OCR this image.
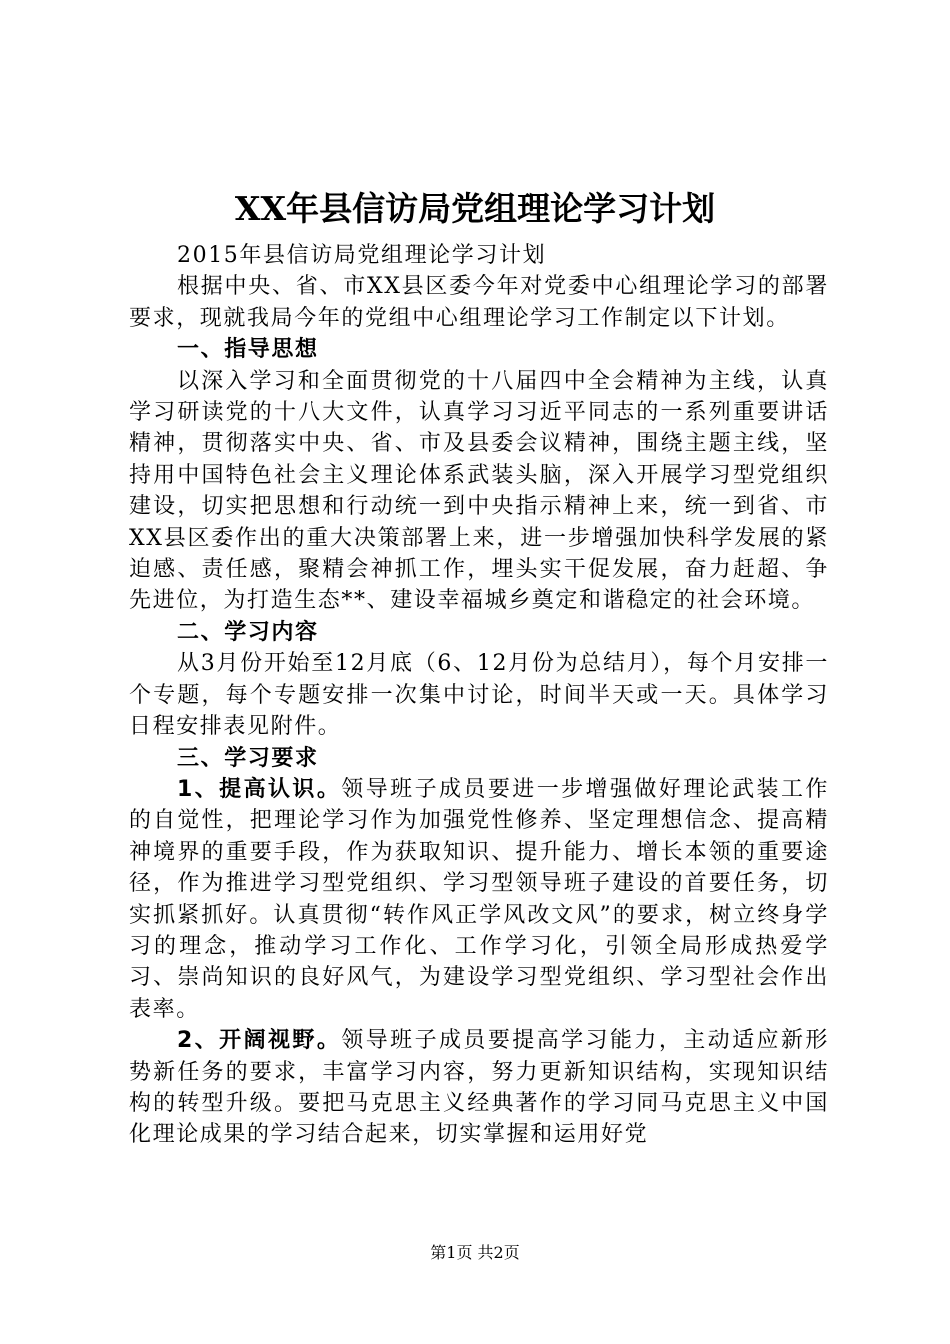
XX年县信访局党组理论学习计划

2015年县信访局党组理论学习计划

根据中央、省、市XX县区委今年对党委中心组理论学习的部署要求，现就我局今年的党组中心组理论学习工作制定以下计划。

一、指导思想

以深入学习和全面贯彻党的十八届四中全会精神为主线，认真学习研读党的十八大文件，认真学习习近平同志的一系列重要讲话精神，贯彻落实中央、省、市及县委会议精神，围绕主题主线，坚持用中国特色社会主义理论体系武装头脑，深入开展学习型党组织建设，切实把思想和行动统一到中央指示精神上来，统一到省、市XX县区委作出的重大决策部署上来，进一步增强加快科学发展的紧迫感、责任感，聚精会神抓工作，埋头实干促发展，奋力赶超、争先进位，为打造生态**、建设幸福城乡奠定和谐稳定的社会环境。

二、学习内容

从3月份开始至12月底（6、12月份为总结月），每个月安排一个专题，每个专题安排一次集中讨论，时间半天或一天。具体学习日程安排表见附件。

三、学习要求

1、提高认识。领导班子成员要进一步增强做好理论武装工作的自觉性，把理论学习作为加强党性修养、坚定理想信念、提高精神境界的重要手段，作为获取知识、提升能力、增长本领的重要途径，作为推进学习型党组织、学习型领导班子建设的首要任务，切实抓紧抓好。认真贯彻“转作风正学风改文风”的要求，树立终身学习的理念，推动学习工作化、工作学习化，引领全局形成热爱学习、崇尚知识的良好风气，为建设学习型党组织、学习型社会作出表率。

2、开阔视野。领导班子成员要提高学习能力，主动适应新形势新任务的要求，丰富学习内容，努力更新知识结构，实现知识结构的转型升级。要把马克思主义经典著作的学习同马克思主义中国化理论成果的学习结合起来，切实掌握和运用好党

第1页 共2页
